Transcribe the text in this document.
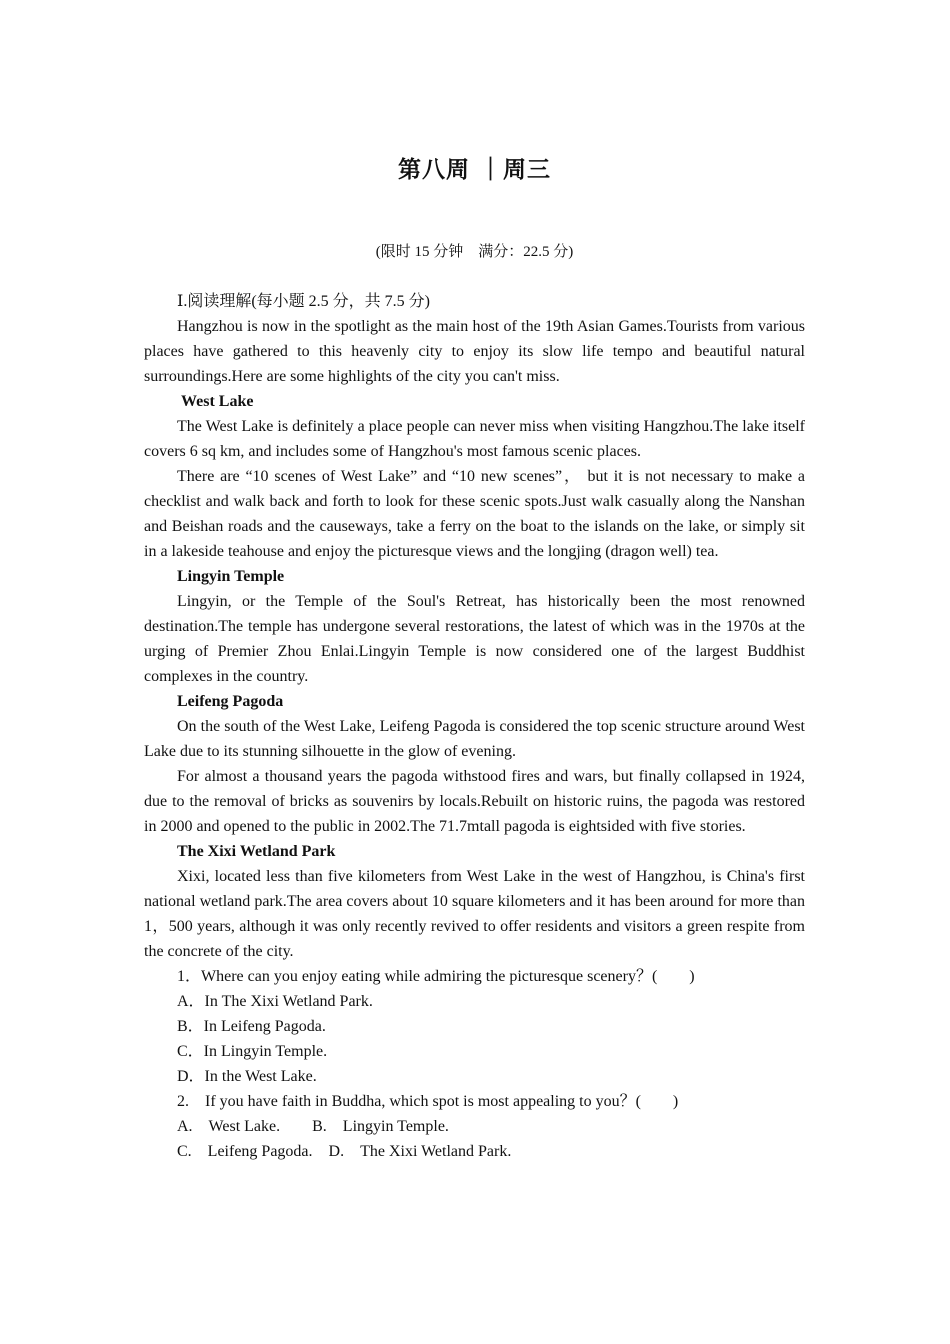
第八周 ｜周三
(限时 15 分钟　满分：22.5 分)

Ⅰ.阅读理解(每小题 2.5 分，共 7.5 分)

Hangzhou is now in the spotlight as the main host of the 19th Asian Games.Tourists from various places have gathered to this heavenly city to enjoy its slow life tempo and beautiful natural surroundings.Here are some highlights of the city you can't miss.

West Lake

The West Lake is definitely a place people can never miss when visiting Hangzhou.The lake itself covers 6 sq km, and includes some of Hangzhou's most famous scenic places.

There are “10 scenes of West Lake” and “10 new scenes”， but it is not necessary to make a checklist and walk back and forth to look for these scenic spots.Just walk casually along the Nanshan and Beishan roads and the causeways, take a ferry on the boat to the islands on the lake, or simply sit in a lakeside teahouse and enjoy the picturesque views and the longjing (dragon well) tea.

Lingyin Temple

Lingyin, or the Temple of the Soul's Retreat, has historically been the most renowned destination.The temple has undergone several restorations, the latest of which was in the 1970s at the urging of Premier Zhou Enlai.Lingyin Temple is now considered one of the largest Buddhist complexes in the country.

Leifeng Pagoda

On the south of the West Lake, Leifeng Pagoda is considered the top scenic structure around West Lake due to its stunning silhouette in the glow of evening.

For almost a thousand years the pagoda withstood fires and wars, but finally collapsed in 1924, due to the removal of bricks as souvenirs by locals.Rebuilt on historic ruins, the pagoda was restored in 2000 and opened to the public in 2002.The 71.7mtall pagoda is eightsided with five stories.

The Xixi Wetland Park

Xixi, located less than five kilometers from West Lake in the west of Hangzhou, is China's first national wetland park.The area covers about 10 square kilometers and it has been around for more than 1，500 years, although it was only recently revived to offer residents and visitors a green respite from the concrete of the city.

1．Where can you enjoy eating while admiring the picturesque scenery？(　　)

A．In The Xixi Wetland Park.

B．In Leifeng Pagoda.

C．In Lingyin Temple.

D．In the West Lake.

2.　If you have faith in Buddha, which spot is most appealing to you？(　　)

A.　West Lake.　　B.　Lingyin Temple.

C.　Leifeng Pagoda.　D.　The Xixi Wetland Park.
